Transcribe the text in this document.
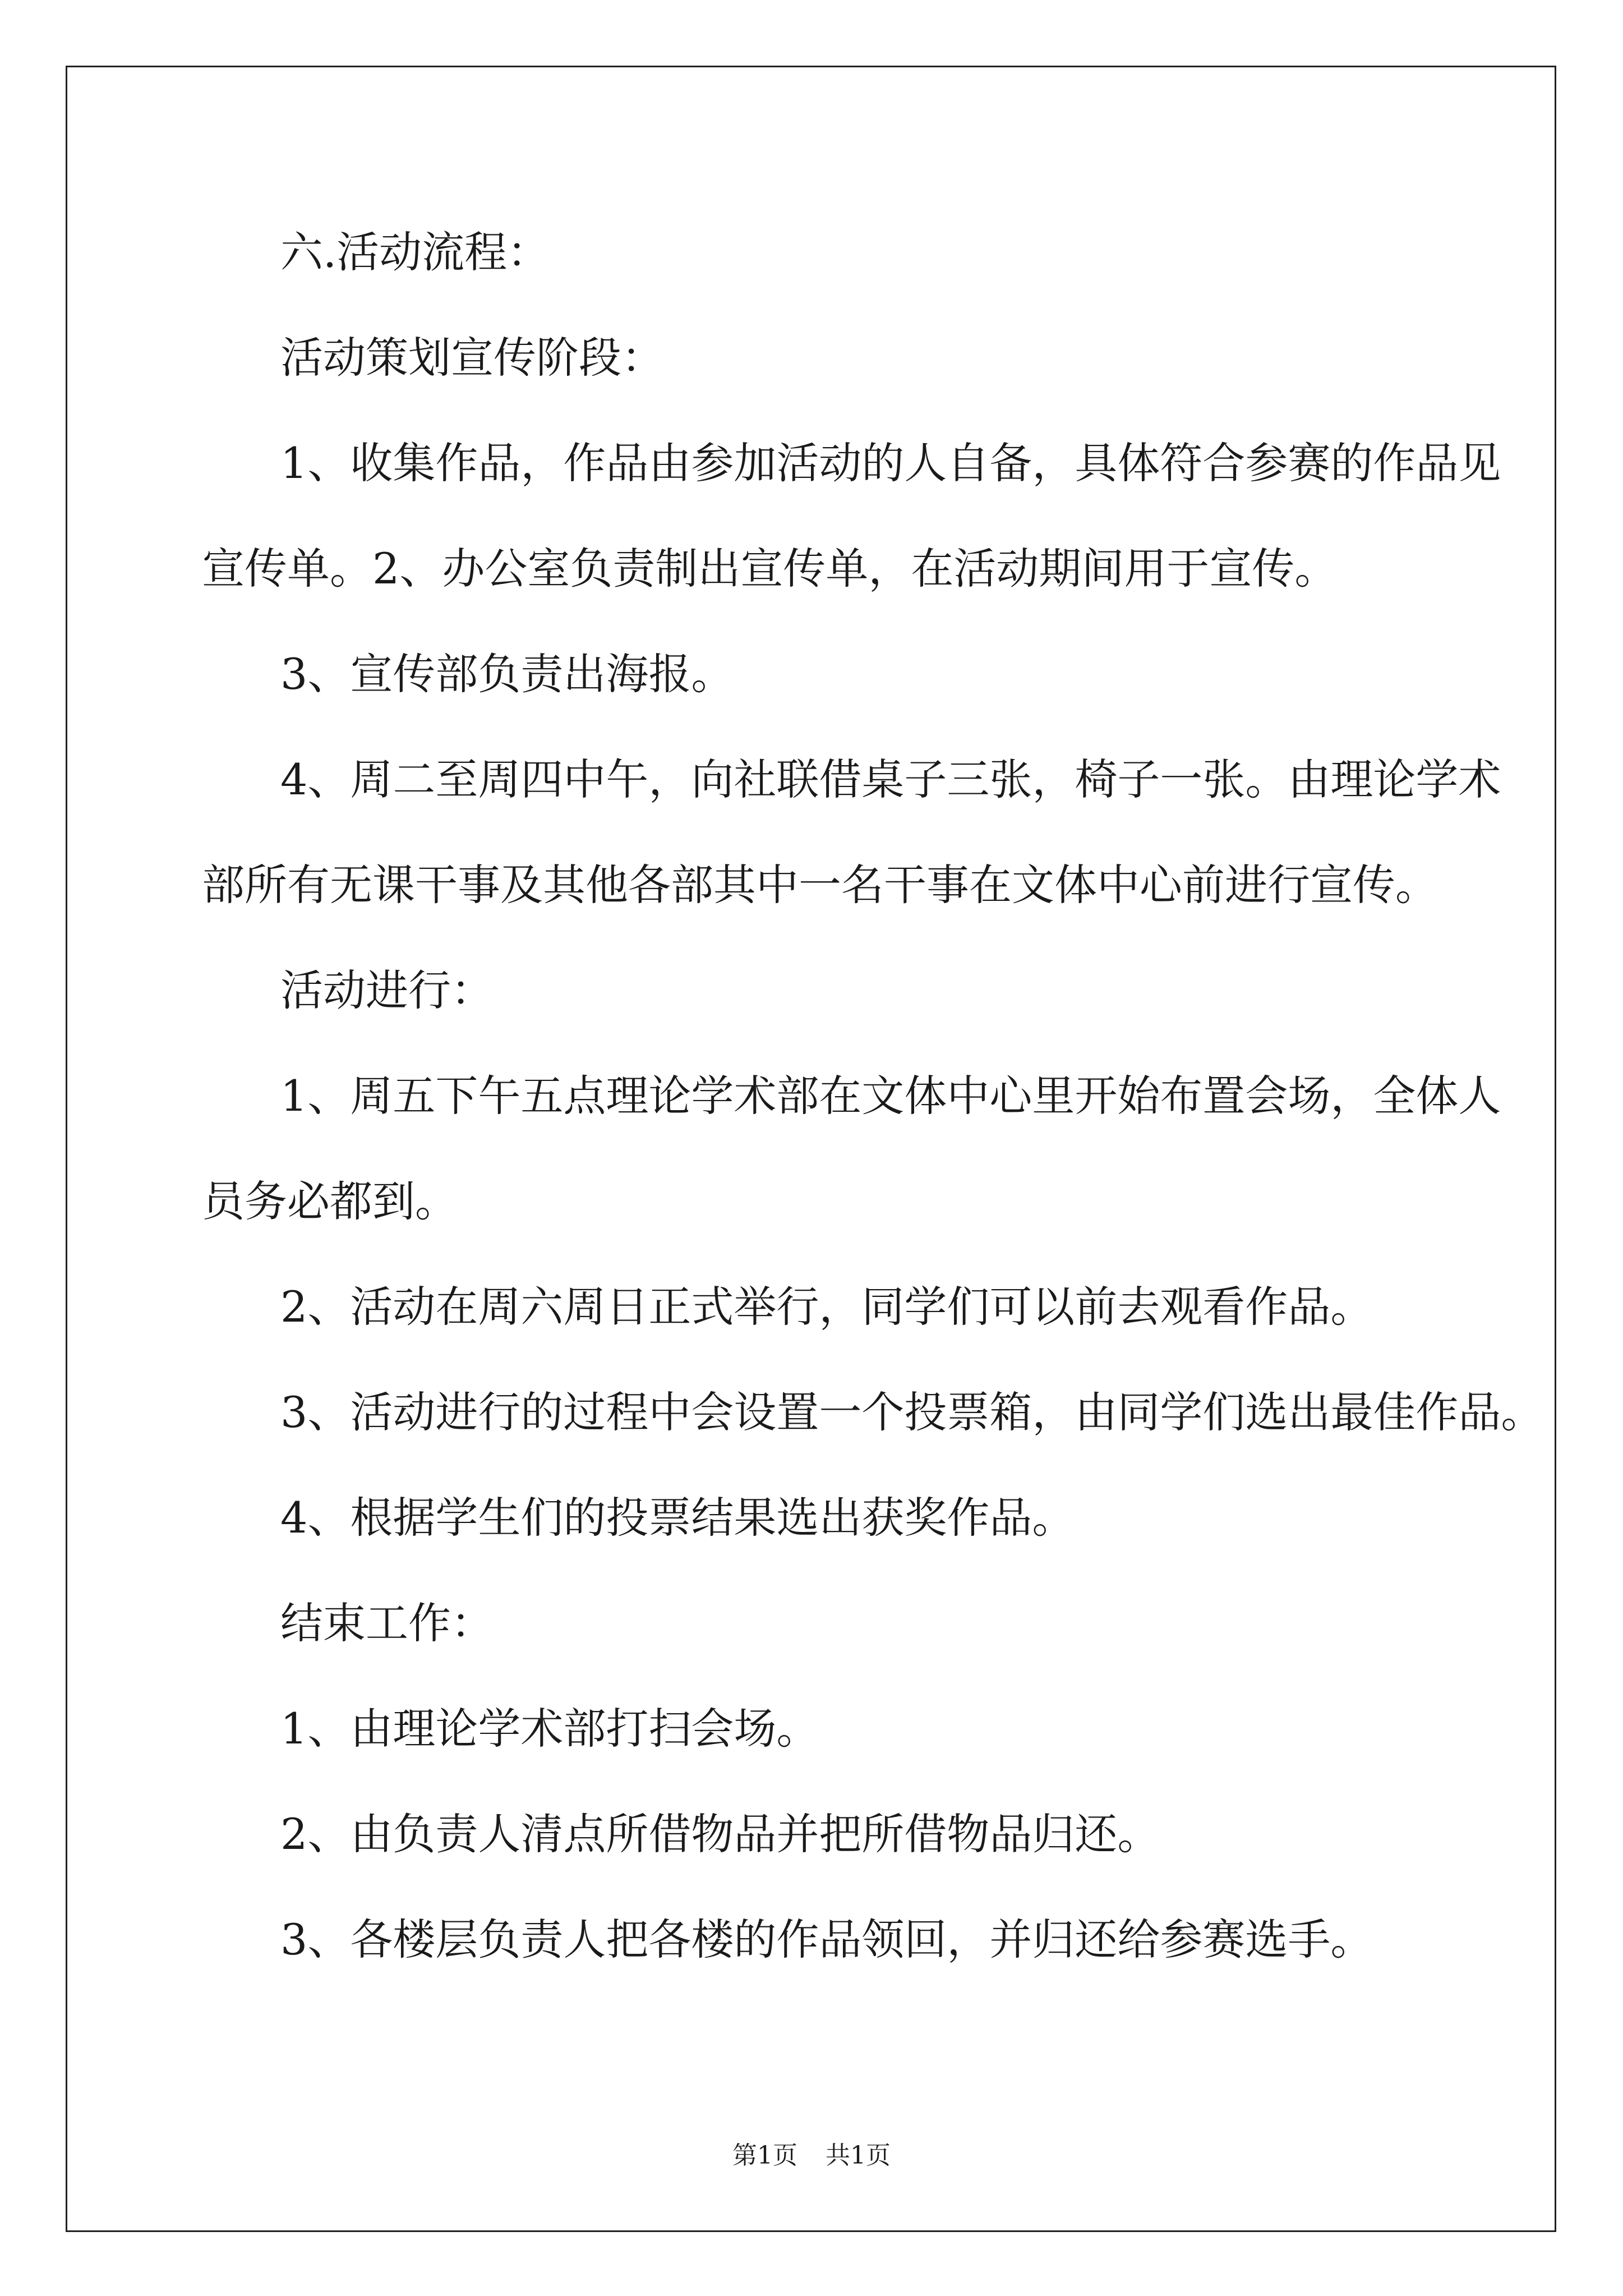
六.活动流程：

活动策划宣传阶段：

1、收集作品，作品由参加活动的人自备，具体符合参赛的作品见

宣传单。2、办公室负责制出宣传单，在活动期间用于宣传。

3、宣传部负责出海报。

4、周二至周四中午，向社联借桌子三张，椅子一张。由理论学术

部所有无课干事及其他各部其中一名干事在文体中心前进行宣传。

活动进行：

1、周五下午五点理论学术部在文体中心里开始布置会场，全体人

员务必都到。

2、活动在周六周日正式举行，同学们可以前去观看作品。

3、活动进行的过程中会设置一个投票箱，由同学们选出最佳作品。

4、根据学生们的投票结果选出获奖作品。

结束工作：

1、由理论学术部打扫会场。

2、由负责人清点所借物品并把所借物品归还。

3、各楼层负责人把各楼的作品领回，并归还给参赛选手。

第1页 共1页
